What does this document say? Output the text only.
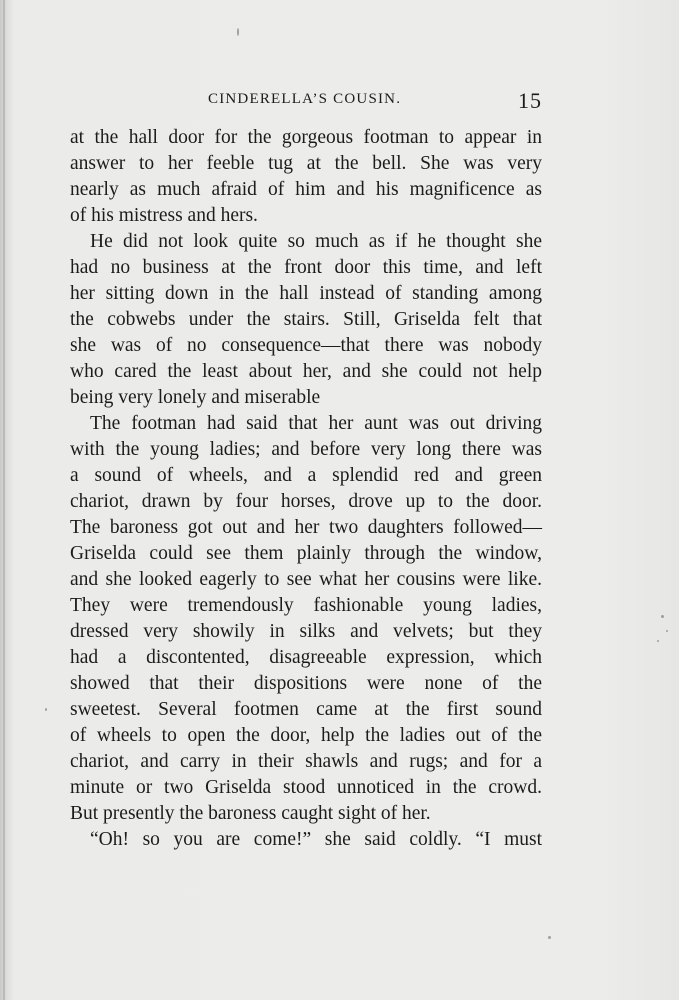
CINDERELLA’S COUSIN.	15
at the hall door for the gorgeous footman to appear in
answer to her feeble tug at the bell. She was very
nearly as much afraid of him and his magnificence as
of his mistress and hers.
He did not look quite so much as if he thought she
had no business at the front door this time, and left
her sitting down in the hall instead of standing among
the cobwebs under the stairs. Still, Griselda felt that
she was of no consequence—that there was nobody
who cared the least about her, and she could not help
being very lonely and miserable
The footman had said that her aunt was out driving
with the young ladies; and before very long there was
a sound of wheels, and a splendid red and green
chariot, drawn by four horses, drove up to the door.
The baroness got out and her two daughters followed—
Griselda could see them plainly through the window,
and she looked eagerly to see what her cousins were like.
They were tremendously fashionable young ladies,
dressed very showily in silks and velvets; but they
had a discontented, disagreeable expression, which
showed that their dispositions were none of the
sweetest. Several footmen came at the first sound
of wheels to open the door, help the ladies out of the
chariot, and carry in their shawls and rugs; and for a
minute or two Griselda stood unnoticed in the crowd.
But presently the baroness caught sight of her.
“Oh! so you are come!” she said coldly. “I must
